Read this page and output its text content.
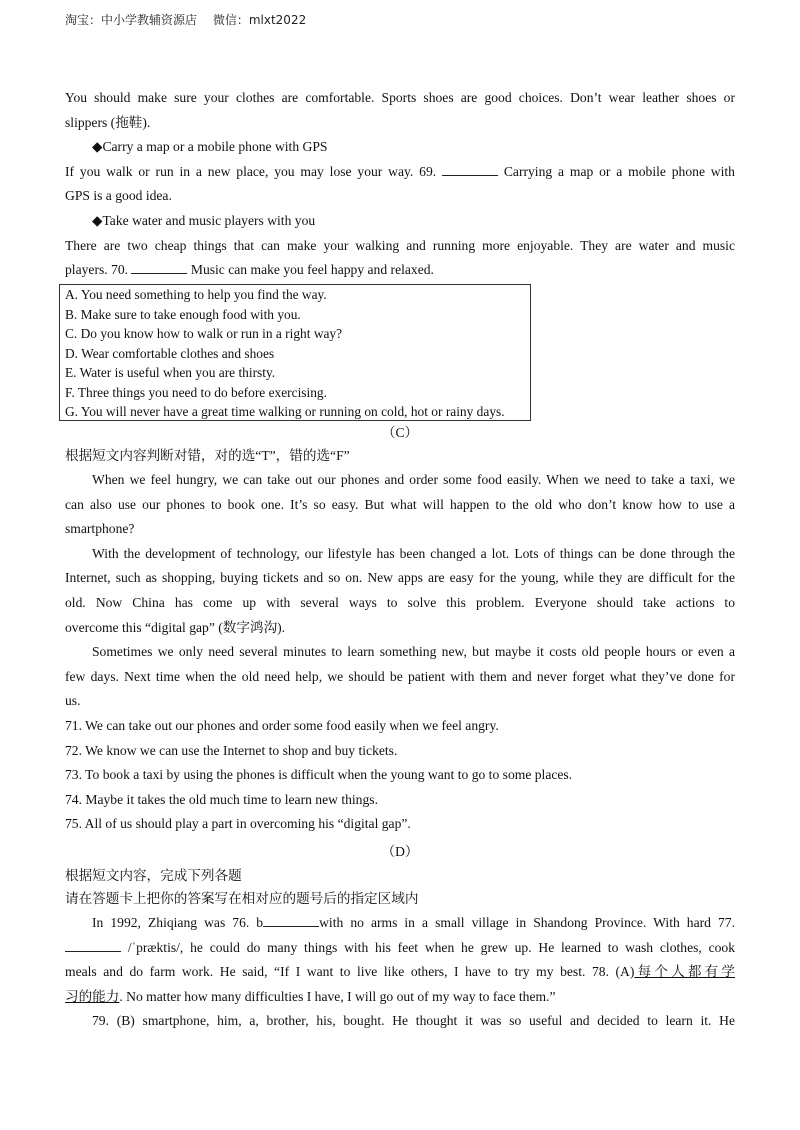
淘宝：中小学教辅资源店 微信：mlxt2022
You should make sure your clothes are comfortable. Sports shoes are good choices. Don’t wear leather shoes or
slippers (拖鞋).
◆Carry a map or a mobile phone with GPS
If you walk or run in a new place, you may lose your way. 69.	Carrying a map or a mobile phone with
GPS is a good idea.
◆Take water and music players with you
There are two cheap things that can make your walking and running more enjoyable. They are water and music
players. 70.	Music can make you feel happy and relaxed.
A. You need something to help you find the way.
B. Make sure to take enough food with you.
C. Do you know how to walk or run in a right way?
D. Wear comfortable clothes and shoes
E. Water is useful when you are thirsty.
F. Three things you need to do before exercising.
G. You will never have a great time walking or running on cold, hot or rainy days.
（C）
根据短文内容判断对错，对的选“T”，错的选“F”
When we feel hungry, we can take out our phones and order some food easily. When we need to take a taxi, we
can also use our phones to book one. It’s so easy. But what will happen to the old who don’t know how to use a
smartphone?
With the development of technology, our lifestyle has been changed a lot. Lots of things can be done through the
Internet, such as shopping, buying tickets and so on. New apps are easy for the young, while they are difficult for the
old. Now China has come up with several ways to solve this problem. Everyone should take actions to
overcome this “digital gap” (数字鸿沟).
Sometimes we only need several minutes to learn something new, but maybe it costs old people hours or even a
few days. Next time when the old need help, we should be patient with them and never forget what they’ve done for
us.
71. We can take out our phones and order some food easily when we feel angry.
72. We know we can use the Internet to shop and buy tickets.
73. To book a taxi by using the phones is difficult when the young want to go to some places.
74. Maybe it takes the old much time to learn new things.
75. All of us should play a part in overcoming his “digital gap”.
（D）
根据短文内容，完成下列各题
请在答题卡上把你的答案写在相对应的题号后的指定区域内
In 1992, Zhiqiang was 76. b	with no arms in a small village in Shandong Province. With hard 77.
/ˈpræktis/, he could do many things with his feet when he grew up. He learned to wash clothes, cook
meals and do farm work. He said, “If I want to live like others, I have to try my best. 78. (A)每个人都有学
习的能力. No matter how many difficulties I have, I will go out of my way to face them.”
79. (B) smartphone, him, a, brother, his, bought. He thought it was so useful and decided to learn it. He
